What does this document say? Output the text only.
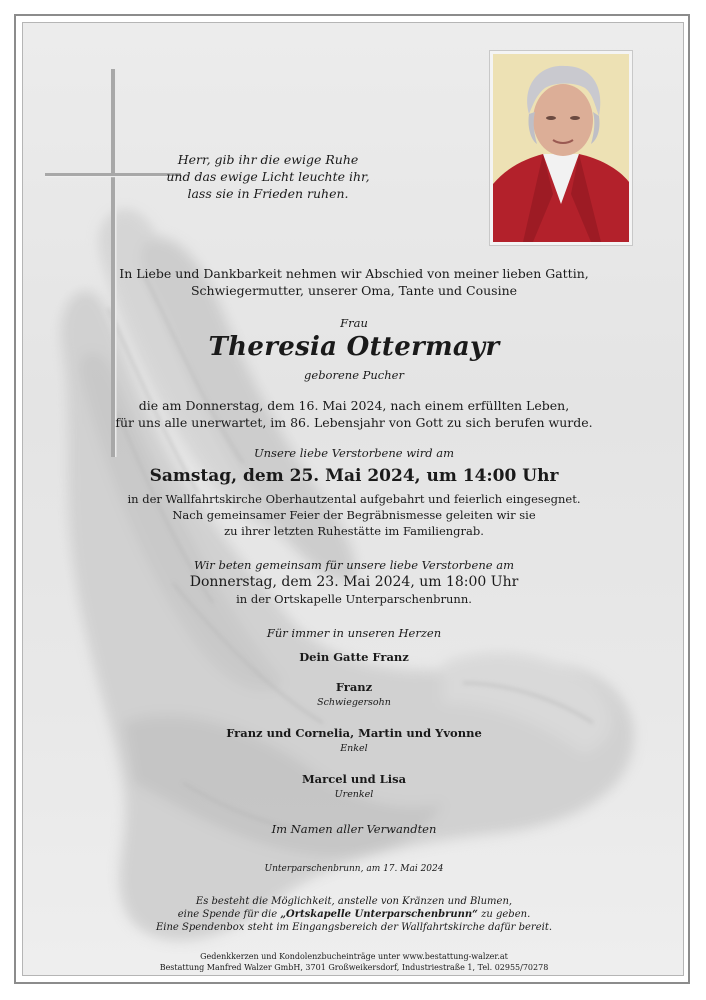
Herr, gib ihr die ewige Ruhe
und das ewige Licht leuchte ihr,
lass sie in Frieden ruhen.
In Liebe und Dankbarkeit nehmen wir Abschied von meiner lieben Gattin,
Schwiegermutter, unserer Oma, Tante und Cousine
Frau
Theresia Ottermayr
geborene Pucher
die am Donnerstag, dem 16. Mai 2024, nach einem erfüllten Leben,
für uns alle unerwartet, im 86. Lebensjahr von Gott zu sich berufen wurde.
Unsere liebe Verstorbene wird am
Samstag, dem 25. Mai 2024, um 14:00 Uhr
in der Wallfahrtskirche Oberhautzental aufgebahrt und feierlich eingesegnet.
Nach gemeinsamer Feier der Begräbnismesse geleiten wir sie
zu ihrer letzten Ruhestätte im Familiengrab.
Wir beten gemeinsam für unsere liebe Verstorbene am
Donnerstag, dem 23. Mai 2024, um 18:00 Uhr
in der Ortskapelle Unterparschenbrunn.
Für immer in unseren Herzen
Dein Gatte Franz
Franz
Schwiegersohn
Franz und Cornelia, Martin und Yvonne
Enkel
Marcel und Lisa
Urenkel
Im Namen aller Verwandten
Unterparschenbrunn, am 17. Mai 2024
Es besteht die Möglichkeit, anstelle von Kränzen und Blumen,
eine Spende für die „Ortskapelle Unterparschenbrunn“ zu geben.
Eine Spendenbox steht im Eingangsbereich der Wallfahrtskirche dafür bereit.
Gedenkkerzen und Kondolenzbucheinträge unter www.bestattung-walzer.at
Bestattung Manfred Walzer GmbH, 3701 Großweikersdorf, Industriestraße 1, Tel. 02955/70278
